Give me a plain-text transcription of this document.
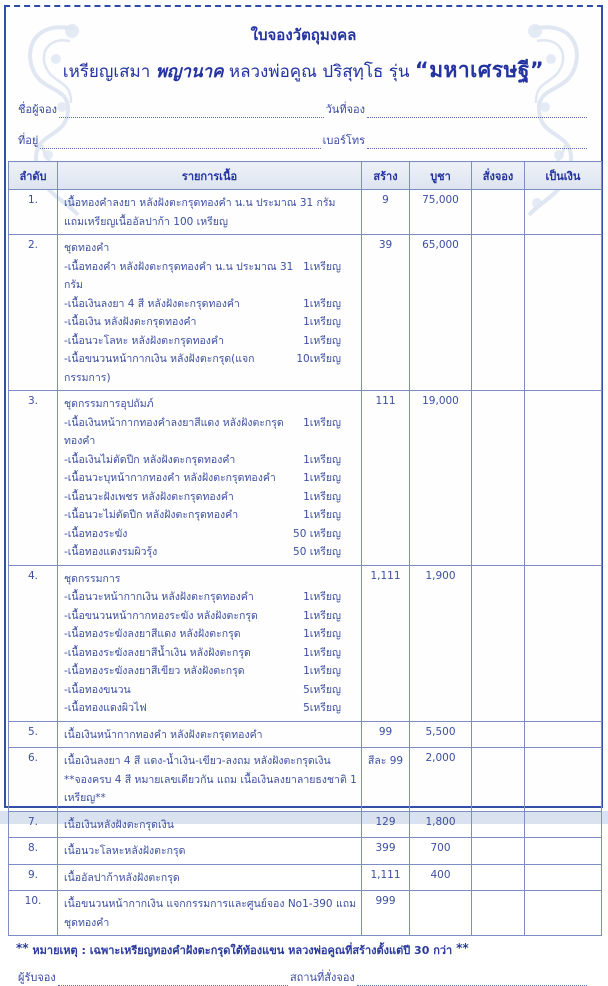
ใบจองวัตถุมงคล
เหรียญเสมา พญานาค หลวงพ่อคูณ ปริสุทฺโธ รุ่น “มหาเศรษฐี”
ชื่อผู้จอง	วันที่จอง
ที่อยู่	เบอร์โทร
ลำดับ	รายการเนื้อ	สร้าง	บูชา	สั่งจอง	เป็นเงิน
1.	เนื้อทองคำลงยา หลังฝังตะกรุดทองคำ น.น ประมาณ 31 กรัม
แถมเหรียญเนื้ออัลปาก้า 100 เหรียญ	9	75,000		
2.	ชุดทองคำ
-เนื้อทองคำ หลังฝังตะกรุดทองคำ น.น ประมาณ 31 กรัม
1เหรียญ
-เนื้อเงินลงยา 4 สี หลังฝังตะกรุดทองคำ	1เหรียญ
-เนื้อเงิน หลังฝังตะกรุดทองคำ	1เหรียญ
-เนื้อนวะโลหะ หลังฝังตะกรุดทองคำ	1เหรียญ
-เนื้อขนวนหน้ากากเงิน หลังฝังตะกรุด(แจกกรรมการ)
10เหรียญ
	39	65,000		
3.	ชุดกรรมการอุปถัมภ์
-เนื้อเงินหน้ากากทองคำลงยาสีแดง หลังฝังตะกรุดทองคำ
1เหรียญ
-เนื้อเงินไม่ตัดปีก หลังฝังตะกรุดทองคำ	1เหรียญ
-เนื้อนวะบุหน้ากากทองคำ หลังฝังตะกรุดทองคำ	1เหรียญ
-เนื้อนวะฝังเพชร หลังฝังตะกรุดทองคำ	1เหรียญ
-เนื้อนวะไม่ตัดปีก หลังฝังตะกรุดทองคำ	1เหรียญ
-เนื้อทองระฆัง	50 เหรียญ
-เนื้อทองแดงรมผิวรุ้ง	50 เหรียญ
	111	19,000		
4.	ชุดกรรมการ
-เนื้อนวะหน้ากากเงิน หลังฝังตะกรุดทองคำ	1เหรียญ
-เนื้อขนวนหน้ากากทองระฆัง หลังฝังตะกรุด	1เหรียญ
-เนื้อทองระฆังลงยาสีแดง หลังฝังตะกรุด	1เหรียญ
-เนื้อทองระฆังลงยาสีน้ำเงิน หลังฝังตะกรุด	1เหรียญ
-เนื้อทองระฆังลงยาสีเขียว หลังฝังตะกรุด	1เหรียญ
-เนื้อทองขนวน	5เหรียญ
-เนื้อทองแดงผิวไฟ	5เหรียญ
	1,111	1,900		
5.	เนื้อเงินหน้ากากทองคำ หลังฝังตะกรุดทองคำ	99	5,500		
6.	เนื้อเงินลงยา 4 สี แดง-น้ำเงิน-เขียว-ลงถม หลังฝังตะกรุดเงิน
**จองครบ 4 สี หมายเลขเดียวกัน แถม เนื้อเงินลงยาลายธงชาติ 1 เหรียญ**	สีละ 99	2,000		
7.	เนื้อเงินหลังฝังตะกรุดเงิน	129	1,800		
8.	เนื้อนวะโลหะหลังฝังตะกรุด	399	700		
9.	เนื้ออัลปาก้าหลังฝังตะกรุด	1,111	400		
10.	เนื้อขนวนหน้ากากเงิน แจกกรรมการและศูนย์จอง No1-390 แถมชุดทองคำ	999			
** หมายเหตุ : เฉพาะเหรียญทองคำฝังตะกรุดใต้ท้องแขน หลวงพ่อคูณที่สร้างตั้งแต่ปี 30 กว่า **
ผู้รับจอง	สถานที่สั่งจอง
